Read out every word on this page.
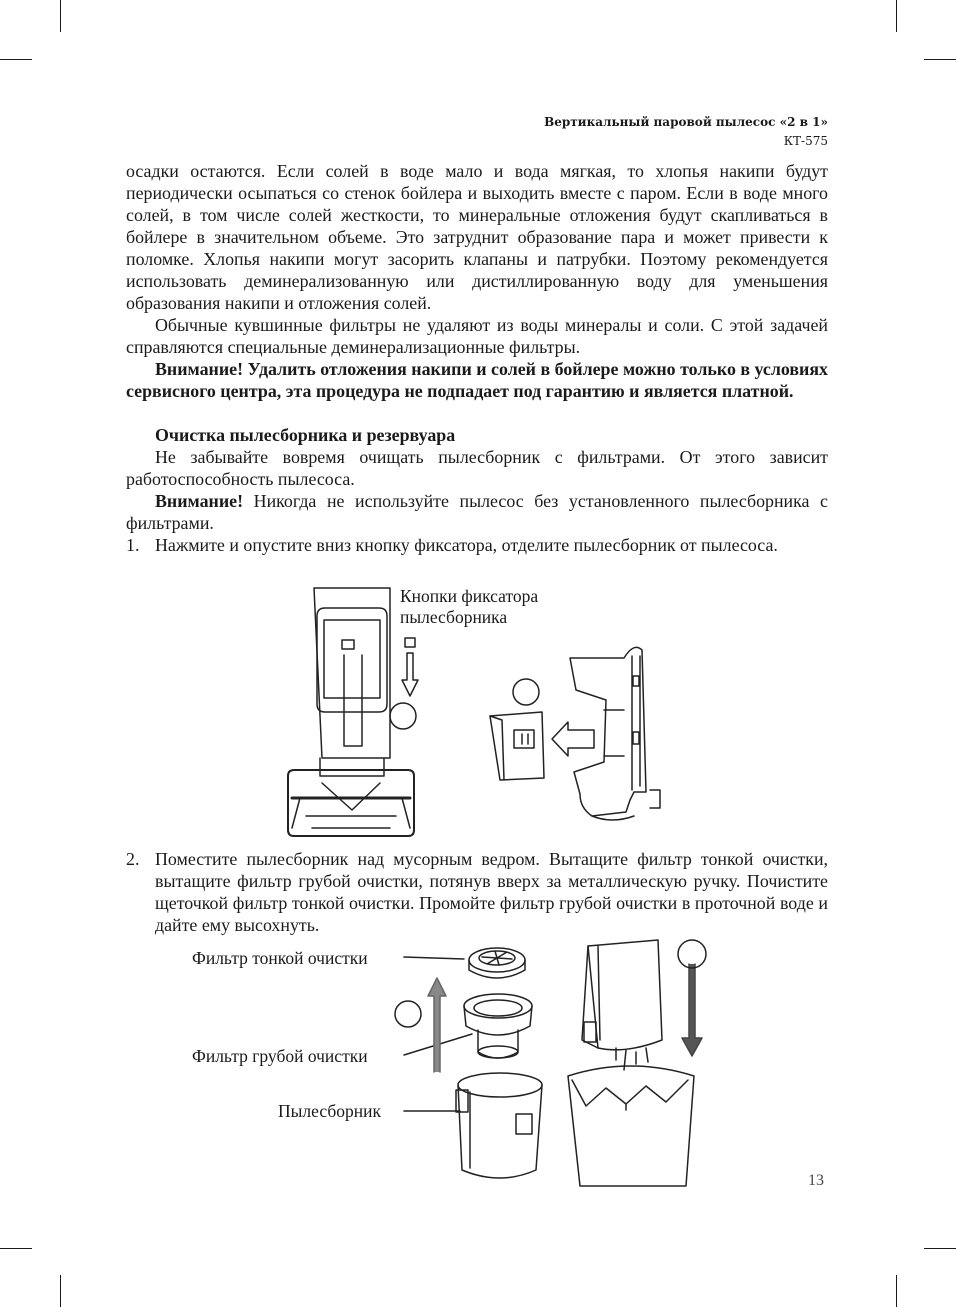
Вертикальный паровой пылесос «2 в 1»
КТ-575

осадки остаются. Если солей в воде мало и вода мягкая, то хлопья накипи будут периодически осыпаться со стенок бойлера и выходить вместе с паром. Если в воде много солей, в том числе солей жесткости, то минеральные отложения будут скапливаться в бойлере в значительном объеме. Это затруднит образование пара и может привести к поломке. Хлопья накипи могут засорить клапаны и патрубки. Поэтому рекомендуется использовать деминерализованную или дистиллированную воду для уменьшения образования накипи и отложения солей.

Обычные кувшинные фильтры не удаляют из воды минералы и соли. С этой задачей справляются специальные деминерализационные фильтры.

Внимание! Удалить отложения накипи и солей в бойлере можно только в условиях сервисного центра, эта процедура не подпадает под гарантию и является платной.

Очистка пылесборника и резервуара

Не забывайте вовремя очищать пылесборник с фильтрами. От этого зависит работоспособность пылесоса.

Внимание! Никогда не используйте пылесос без установленного пылесборника с фильтрами.

1. Нажмите и опустите вниз кнопку фиксатора, отделите пылесборник от пылесоса.
Кнопки фиксатора
пылесборника
2. Поместите пылесборник над мусорным ведром. Вытащите фильтр тонкой очистки, вытащите фильтр грубой очистки, потянув вверх за металлическую ручку. Почистите щеточкой фильтр тонкой очистки. Промойте фильтр грубой очистки в проточной воде и дайте ему высохнуть.
Фильтр тонкой очистки
Фильтр грубой очистки
Пылесборник
13
